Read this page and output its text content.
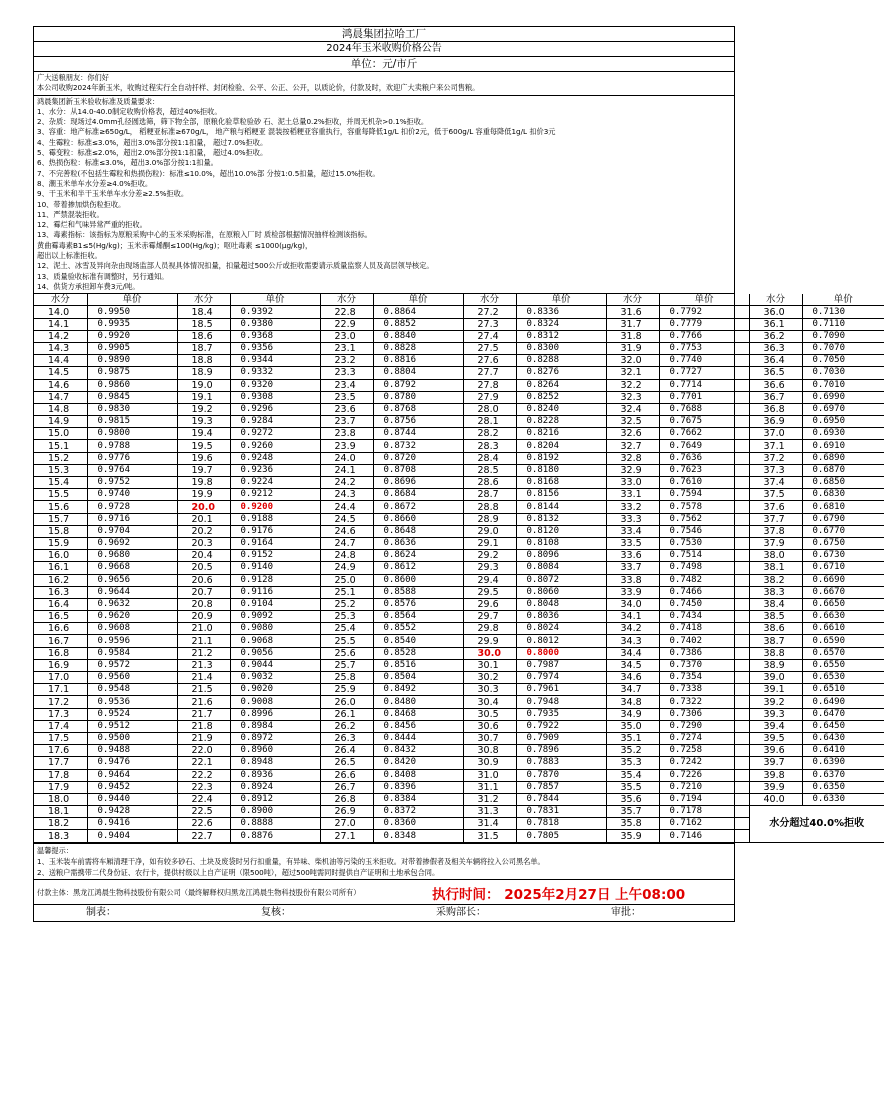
鸿晨集团拉哈工厂
2024年玉米收购价格公告
单位：元/市斤
广大送粮朋友：你们好
本公司收购2024年新玉米，收购过程实行全自动扦样、封闭检验、公平、公正、公开，以质论价，付款及时，欢迎广大卖粮户来公司售粮。
鸿晨集团新玉米验收标准及质量要求：
1、水分：从14.0-40.0制定收购价格表，超过40%拒收。
2、杂质：现场过4.0mm孔径圆选筛，筛下物全部，原粮化验草粒验砂 石、泥土总量0.2%拒收，并周无机杂>0.1%拒收。
3、容重：地产标准≥650g/L， 稻粳亚标准≥670g/L， 地产粮与稻粳亚 混装按稻粳亚容重执行，容重每降低1g/L 扣价2元，低于600g/L 容重每降低1g/L 扣价3元
4、生霉粒：标准≤3.0%，超出3.0%部分按1:1扣量， 超过7.0%拒收。
5、霉变粒：标准≤2.0%，超出2.0%部分按1:1扣量， 超过4.0%拒收。
6、热损伤粒：标准≤3.0%，超出3.0%部分按1:1扣量。
7、不完善粒(不包括生霉粒和热损伤粒)：标准≤10.0%，超出10.0%部 分按1:0.5扣量，超过15.0%拒收。
8、潮玉米单车水分差≥4.0%拒收。
9、干玉米和半干玉米单车水分差≥2.5%拒收。
10、带着掺加烘伤粒拒收。
11、严禁混装拒收。
12、霉烂和气味异常严重的拒收。
13、毒素指标：该指标为原粮采购中心的玉米采购标准，在原粮入厂时 质检部根据情况抽样检测该指标。
黄曲霉毒素B1≤5(Hg/kg)；玉米赤霉烯酮≤100(Hg/kg)；呕吐毒素 ≤1000(μg/kg)，
超出以上标准拒收。
12、泥土、冰雪及异向杂由现场监部人员视具体情况扣量，扣量超过500公斤或拒收需要请示质量监察人员及高层领导核定。
13、质量验收标准有调整时，另行通知。
14、供货方承担卸车费3元/吨。
水分	单价	水分	单价	水分	单价	水分	单价	水分	单价	水分	单价
14.0	0.9950	18.4	0.9392	22.8	0.8864	27.2	0.8336	31.6	0.7792	36.0	0.7130
14.1	0.9935	18.5	0.9380	22.9	0.8852	27.3	0.8324	31.7	0.7779	36.1	0.7110
14.2	0.9920	18.6	0.9368	23.0	0.8840	27.4	0.8312	31.8	0.7766	36.2	0.7090
14.3	0.9905	18.7	0.9356	23.1	0.8828	27.5	0.8300	31.9	0.7753	36.3	0.7070
14.4	0.9890	18.8	0.9344	23.2	0.8816	27.6	0.8288	32.0	0.7740	36.4	0.7050
14.5	0.9875	18.9	0.9332	23.3	0.8804	27.7	0.8276	32.1	0.7727	36.5	0.7030
14.6	0.9860	19.0	0.9320	23.4	0.8792	27.8	0.8264	32.2	0.7714	36.6	0.7010
14.7	0.9845	19.1	0.9308	23.5	0.8780	27.9	0.8252	32.3	0.7701	36.7	0.6990
14.8	0.9830	19.2	0.9296	23.6	0.8768	28.0	0.8240	32.4	0.7688	36.8	0.6970
14.9	0.9815	19.3	0.9284	23.7	0.8756	28.1	0.8228	32.5	0.7675	36.9	0.6950
15.0	0.9800	19.4	0.9272	23.8	0.8744	28.2	0.8216	32.6	0.7662	37.0	0.6930
15.1	0.9788	19.5	0.9260	23.9	0.8732	28.3	0.8204	32.7	0.7649	37.1	0.6910
15.2	0.9776	19.6	0.9248	24.0	0.8720	28.4	0.8192	32.8	0.7636	37.2	0.6890
15.3	0.9764	19.7	0.9236	24.1	0.8708	28.5	0.8180	32.9	0.7623	37.3	0.6870
15.4	0.9752	19.8	0.9224	24.2	0.8696	28.6	0.8168	33.0	0.7610	37.4	0.6850
15.5	0.9740	19.9	0.9212	24.3	0.8684	28.7	0.8156	33.1	0.7594	37.5	0.6830
15.6	0.9728	20.0	0.9200	24.4	0.8672	28.8	0.8144	33.2	0.7578	37.6	0.6810
15.7	0.9716	20.1	0.9188	24.5	0.8660	28.9	0.8132	33.3	0.7562	37.7	0.6790
15.8	0.9704	20.2	0.9176	24.6	0.8648	29.0	0.8120	33.4	0.7546	37.8	0.6770
15.9	0.9692	20.3	0.9164	24.7	0.8636	29.1	0.8108	33.5	0.7530	37.9	0.6750
16.0	0.9680	20.4	0.9152	24.8	0.8624	29.2	0.8096	33.6	0.7514	38.0	0.6730
16.1	0.9668	20.5	0.9140	24.9	0.8612	29.3	0.8084	33.7	0.7498	38.1	0.6710
16.2	0.9656	20.6	0.9128	25.0	0.8600	29.4	0.8072	33.8	0.7482	38.2	0.6690
16.3	0.9644	20.7	0.9116	25.1	0.8588	29.5	0.8060	33.9	0.7466	38.3	0.6670
16.4	0.9632	20.8	0.9104	25.2	0.8576	29.6	0.8048	34.0	0.7450	38.4	0.6650
16.5	0.9620	20.9	0.9092	25.3	0.8564	29.7	0.8036	34.1	0.7434	38.5	0.6630
16.6	0.9608	21.0	0.9080	25.4	0.8552	29.8	0.8024	34.2	0.7418	38.6	0.6610
16.7	0.9596	21.1	0.9068	25.5	0.8540	29.9	0.8012	34.3	0.7402	38.7	0.6590
16.8	0.9584	21.2	0.9056	25.6	0.8528	30.0	0.8000	34.4	0.7386	38.8	0.6570
16.9	0.9572	21.3	0.9044	25.7	0.8516	30.1	0.7987	34.5	0.7370	38.9	0.6550
17.0	0.9560	21.4	0.9032	25.8	0.8504	30.2	0.7974	34.6	0.7354	39.0	0.6530
17.1	0.9548	21.5	0.9020	25.9	0.8492	30.3	0.7961	34.7	0.7338	39.1	0.6510
17.2	0.9536	21.6	0.9008	26.0	0.8480	30.4	0.7948	34.8	0.7322	39.2	0.6490
17.3	0.9524	21.7	0.8996	26.1	0.8468	30.5	0.7935	34.9	0.7306	39.3	0.6470
17.4	0.9512	21.8	0.8984	26.2	0.8456	30.6	0.7922	35.0	0.7290	39.4	0.6450
17.5	0.9500	21.9	0.8972	26.3	0.8444	30.7	0.7909	35.1	0.7274	39.5	0.6430
17.6	0.9488	22.0	0.8960	26.4	0.8432	30.8	0.7896	35.2	0.7258	39.6	0.6410
17.7	0.9476	22.1	0.8948	26.5	0.8420	30.9	0.7883	35.3	0.7242	39.7	0.6390
17.8	0.9464	22.2	0.8936	26.6	0.8408	31.0	0.7870	35.4	0.7226	39.8	0.6370
17.9	0.9452	22.3	0.8924	26.7	0.8396	31.1	0.7857	35.5	0.7210	39.9	0.6350
18.0	0.9440	22.4	0.8912	26.8	0.8384	31.2	0.7844	35.6	0.7194	40.0	0.6330
18.1	0.9428	22.5	0.8900	26.9	0.8372	31.3	0.7831	35.7	0.7178	水分超过40.0%拒收	
18.2	0.9416	22.6	0.8888	27.0	0.8360	31.4	0.7818	35.8	0.7162		
18.3	0.9404	22.7	0.8876	27.1	0.8348	31.5	0.7805	35.9	0.7146		
温馨提示：
1、玉米装车前需将车厢清理干净，如有较多砂石、土块及废袋时另行扣重量，有异味、柴机油等污染的玉米拒收。对带着掺假者及相关车辆将拉入公司黑名单。
2、送粮户需携带二代身份证、农行卡，提供村级以上自产证明（限500吨），超过500吨需同时提供自产证明和土地承包合同。
付款主体：黑龙江鸿晨生物科技股份有限公司（最终解释权归黑龙江鸿晨生物科技股份有限公司所有）	执行时间： 2025年2月27日 上午08:00
制表：	复核：	采购部长：	审批：
